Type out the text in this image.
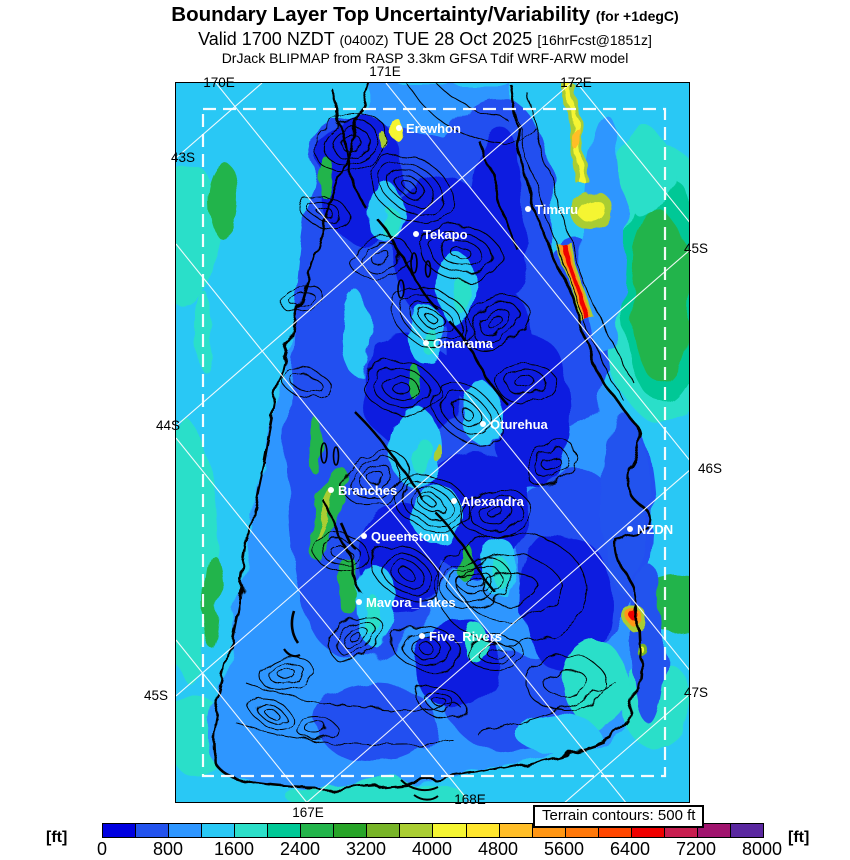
Boundary Layer Top Uncertainty/Variability (for +1degC)
Valid 1700 NZDT (0400Z) TUE 28 Oct 2025 [16hrFcst@1851z]
DrJack BLIPMAP from RASP 3.3km GFSA Tdif WRF-ARW model
Erewhon
Timaru
Tekapo
Omarama
Oturehua
Branches
Alexandra
Queenstown	NZDN
Mavora_Lakes
Five_Rivers
170E
171E
172E
167E
168E
43S
44S
45S
45S
46S
47S
Terrain contours: 500 ft
[ft]	[ft]
0	800	1600	2400	3200	4000	4800	5600	6400	7200	8000
